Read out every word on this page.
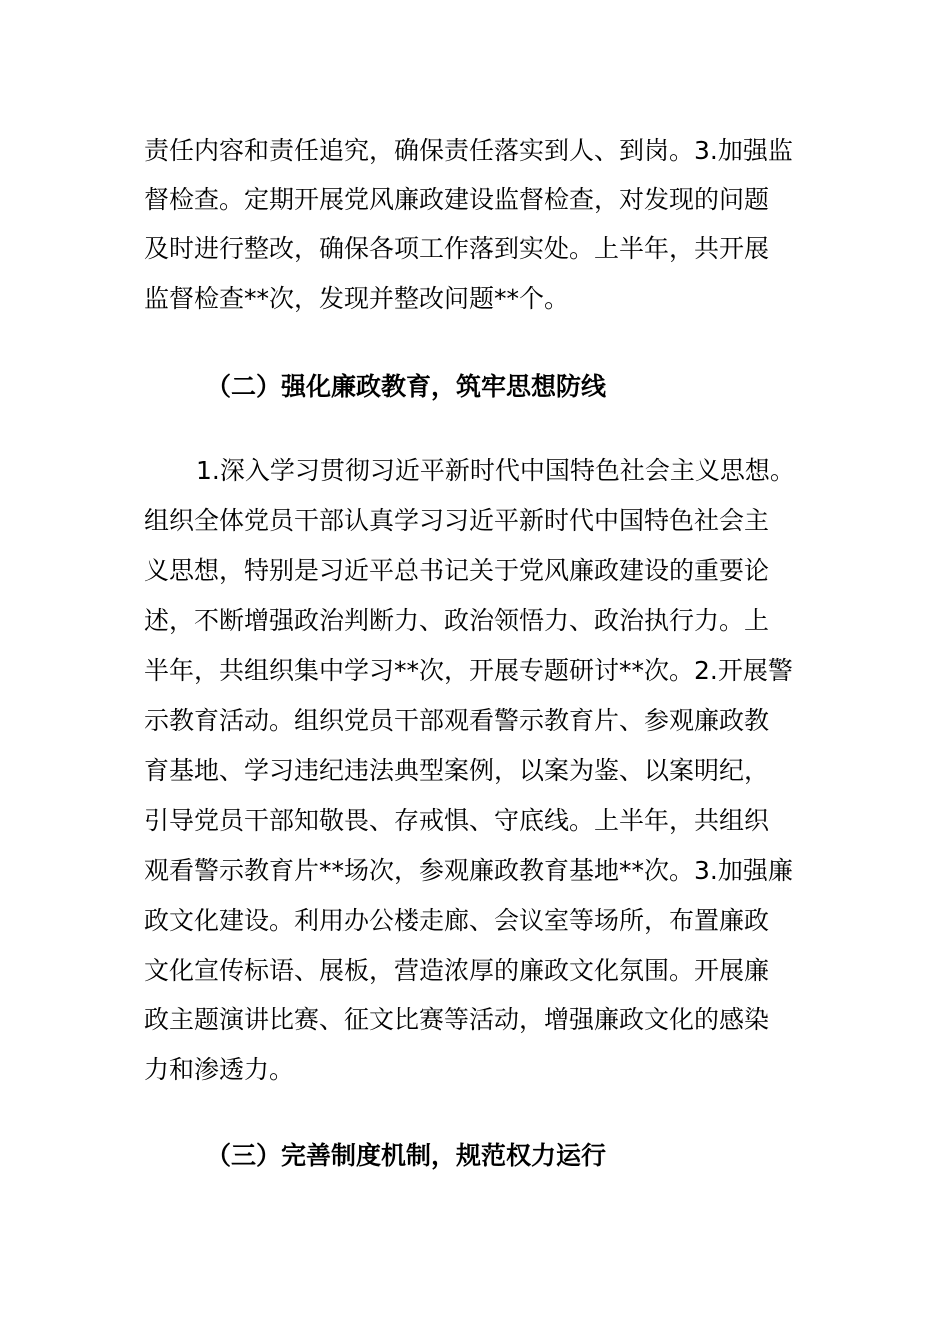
责任内容和责任追究，确保责任落实到人、到岗。3.加强监
督检查。定期开展党风廉政建设监督检查，对发现的问题
及时进行整改，确保各项工作落到实处。上半年，共开展
监督检查**次，发现并整改问题**个。
（二）强化廉政教育，筑牢思想防线
1.深入学习贯彻习近平新时代中国特色社会主义思想。
组织全体党员干部认真学习习近平新时代中国特色社会主
义思想，特别是习近平总书记关于党风廉政建设的重要论
述，不断增强政治判断力、政治领悟力、政治执行力。上
半年，共组织集中学习**次，开展专题研讨**次。2.开展警
示教育活动。组织党员干部观看警示教育片、参观廉政教
育基地、学习违纪违法典型案例，以案为鉴、以案明纪，
引导党员干部知敬畏、存戒惧、守底线。上半年，共组织
观看警示教育片**场次，参观廉政教育基地**次。3.加强廉
政文化建设。利用办公楼走廊、会议室等场所，布置廉政
文化宣传标语、展板，营造浓厚的廉政文化氛围。开展廉
政主题演讲比赛、征文比赛等活动，增强廉政文化的感染
力和渗透力。
（三）完善制度机制，规范权力运行
